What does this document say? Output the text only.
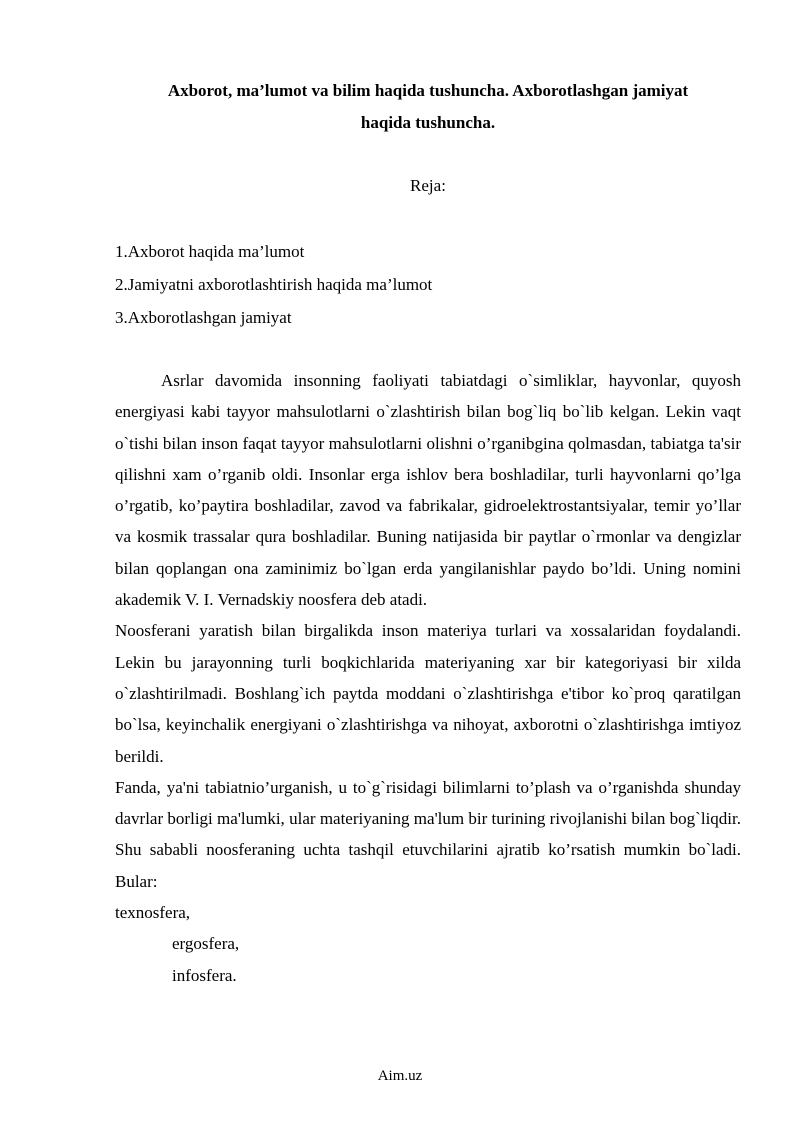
Axborot, ma’lumot va bilim haqida tushuncha. Axborotlashgan jamiyat
haqida tushuncha.

Reja:

1.Axborot haqida ma’lumot
2.Jamiyatni axborotlashtirish haqida ma’lumot
3.Axborotlashgan jamiyat

Asrlar davomida insonning faoliyati tabiatdagi o`simliklar, hayvonlar, quyosh energiyasi kabi tayyor mahsulotlarni o`zlashtirish bilan bog`liq bo`lib kelgan. Lekin vaqt o`tishi bilan inson faqat tayyor mahsulotlarni olishni o’rganibgina qolmasdan, tabiatga ta'sir qilishni xam o’rganib oldi. Insonlar erga ishlov bera boshladilar, turli hayvonlarni qo’lga o’rgatib, ko’paytira boshladilar, zavod va fabrikalar, gidroelektrostantsiyalar, temir yo’llar va kosmik trassalar qura boshladilar. Buning natijasida bir paytlar o`rmonlar va dengizlar bilan qoplangan ona zaminimiz bo`lgan erda yangilanishlar paydo bo’ldi. Uning nomini akademik V. I. Vernadskiy noosfera deb atadi.

Noosferani yaratish bilan birgalikda inson materiya turlari va xossalaridan foydalandi. Lekin bu jarayonning turli boqkichlarida materiyaning xar bir kategoriyasi bir xilda o`zlashtirilmadi. Boshlang`ich paytda moddani o`zlashtirishga e'tibor ko`proq qaratilgan bo`lsa, keyinchalik energiyani o`zlashtirishga va nihoyat, axborotni o`zlashtirishga imtiyoz berildi.

Fanda, ya'ni tabiatnio’urganish, u to`g`risidagi bilimlarni to’plash va o’rganishda shunday davrlar borligi ma'lumki, ular materiyaning ma'lum bir turining rivojlanishi bilan bog`liqdir. Shu sababli noosferaning uchta tashqil etuvchilarini ajratib ko’rsatish mumkin bo`ladi. Bular:

texnosfera,

ergosfera,

infosfera.

Aim.uz
